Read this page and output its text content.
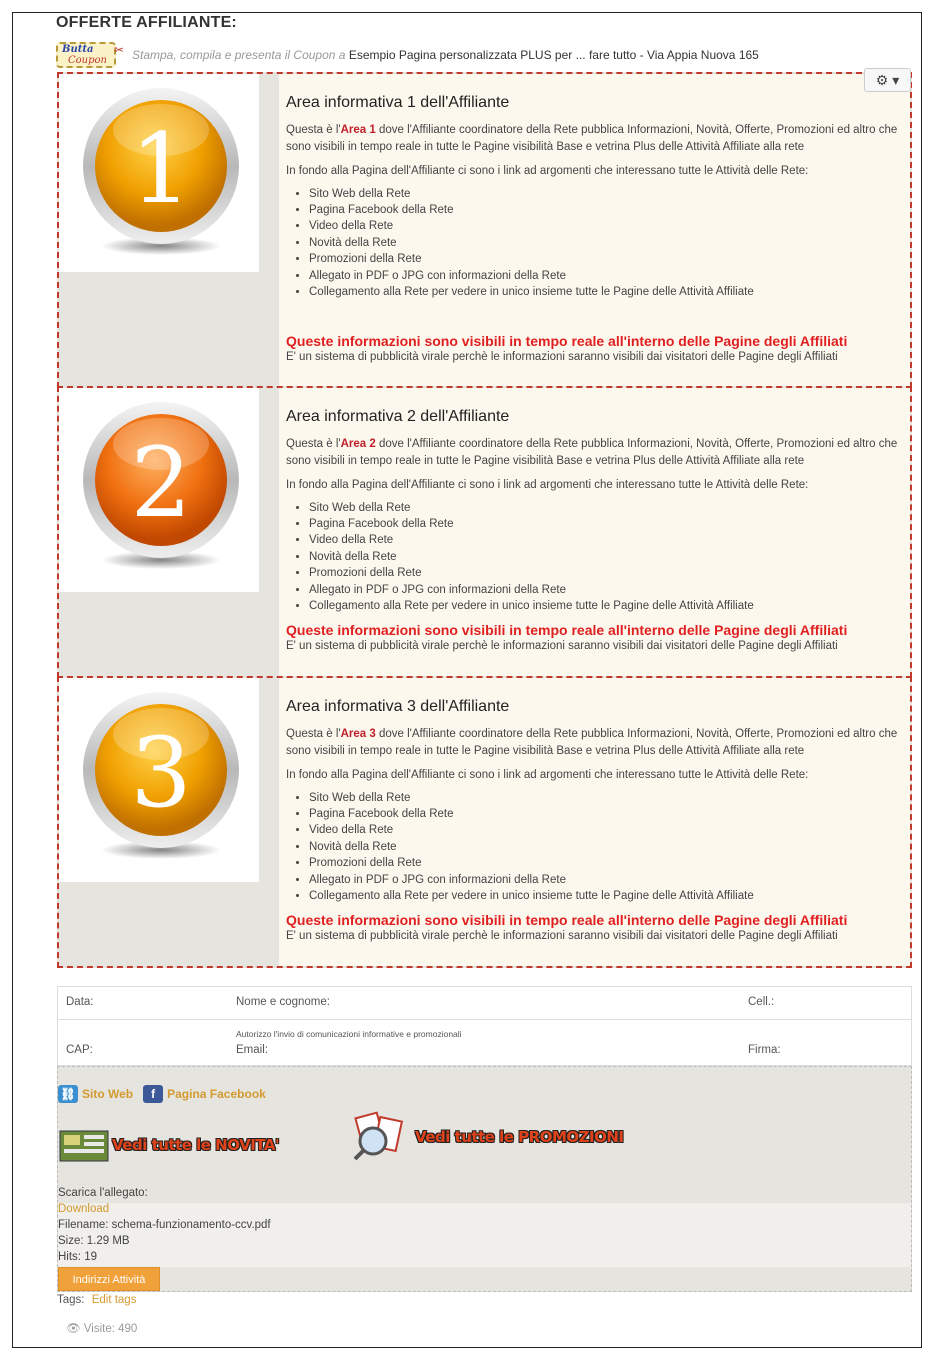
OFFERTE AFFILIANTE:
Butta
Coupon
✂ Stampa, compila e presenta il Coupon a
Esempio Pagina personalizzata PLUS per ... fare tutto - Via Appia Nuova 165
⚙ ▾
1
Area informativa 1 dell'Affiliante

Questa è l'Area 1 dove l'Affiliante coordinatore della Rete pubblica Informazioni, Novità, Offerte, Promozioni ed altro che sono visibili in tempo reale in tutte le Pagine visibilità Base e vetrina Plus delle Attività Affiliate alla rete

In fondo alla Pagina dell'Affiliante ci sono i link ad argomenti che interessano tutte le Attività delle Rete:

• Sito Web della Rete
• Pagina Facebook della Rete
• Video della Rete
• Novità della Rete
• Promozioni della Rete
• Allegato in PDF o JPG con informazioni della Rete
• Collegamento alla Rete per vedere in unico insieme tutte le Pagine delle Attività Affiliate
Queste informazioni sono visibili in tempo reale all'interno delle Pagine degli Affiliati
E' un sistema di pubblicità virale perchè le informazioni saranno visibili dai visitatori delle Pagine degli Affiliati
2
Area informativa 2 dell'Affiliante

Questa è l'Area 2 dove l'Affiliante coordinatore della Rete pubblica Informazioni, Novità, Offerte, Promozioni ed altro che sono visibili in tempo reale in tutte le Pagine visibilità Base e vetrina Plus delle Attività Affiliate alla rete

In fondo alla Pagina dell'Affiliante ci sono i link ad argomenti che interessano tutte le Attività delle Rete:

• Sito Web della Rete
• Pagina Facebook della Rete
• Video della Rete
• Novità della Rete
• Promozioni della Rete
• Allegato in PDF o JPG con informazioni della Rete
• Collegamento alla Rete per vedere in unico insieme tutte le Pagine delle Attività Affiliate
Queste informazioni sono visibili in tempo reale all'interno delle Pagine degli Affiliati
E' un sistema di pubblicità virale perchè le informazioni saranno visibili dai visitatori delle Pagine degli Affiliati
3
Area informativa 3 dell'Affiliante

Questa è l'Area 3 dove l'Affiliante coordinatore della Rete pubblica Informazioni, Novità, Offerte, Promozioni ed altro che sono visibili in tempo reale in tutte le Pagine visibilità Base e vetrina Plus delle Attività Affiliate alla rete

In fondo alla Pagina dell'Affiliante ci sono i link ad argomenti che interessano tutte le Attività delle Rete:

• Sito Web della Rete
• Pagina Facebook della Rete
• Video della Rete
• Novità della Rete
• Promozioni della Rete
• Allegato in PDF o JPG con informazioni della Rete
• Collegamento alla Rete per vedere in unico insieme tutte le Pagine delle Attività Affiliate
Queste informazioni sono visibili in tempo reale all'interno delle Pagine degli Affiliati
E' un sistema di pubblicità virale perchè le informazioni saranno visibili dai visitatori delle Pagine degli Affiliati
Data:	Nome e cognome:	Cell.:
Autorizzo l'invio di comunicazioni informative e promozionali
CAP:	Email:	Firma:
⛓ Sito Web	f	Pagina Facebook
Vedi tutte le NOVITA'	Vedi tutte le PROMOZIONI
Scarica l'allegato:
Download
Filename: schema-funzionamento-ccv.pdf
Size: 1.29 MB
Hits: 19
Indirizzi Attività
Tags: Edit tags
👁 Visite: 490
